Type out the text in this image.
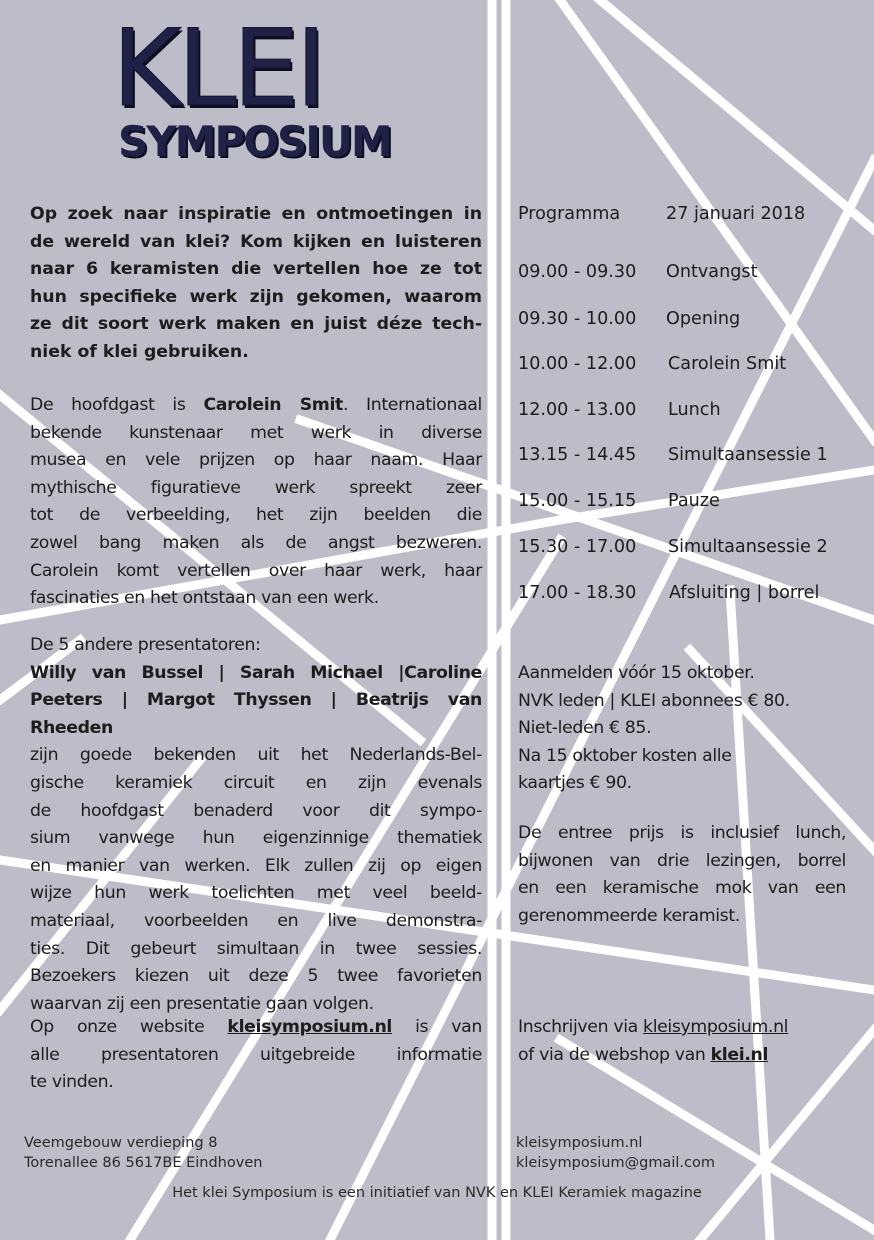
KLEI
SYMPOSIUM
Op zoek naar inspiratie en ontmoetingen in
de wereld van klei? Kom kijken en luisteren
naar 6 keramisten die vertellen hoe ze tot
hun specifieke werk zijn gekomen, waarom
ze dit soort werk maken en juist déze tech-
niek of klei gebruiken.
De hoofdgast is Carolein Smit. Internationaal
bekende kunstenaar met werk in diverse
musea en vele prijzen op haar naam. Haar
mythische figuratieve werk spreekt zeer
tot de verbeelding, het zijn beelden die
zowel bang maken als de angst bezweren.
Carolein komt vertellen over haar werk, haar
fascinaties en het ontstaan van een werk.
De 5 andere presentatoren:
Willy van Bussel | Sarah Michael |Caroline
Peeters | Margot Thyssen | Beatrijs van Rheeden
zijn goede bekenden uit het Nederlands-Bel-
gische keramiek circuit en zijn evenals
de hoofdgast benaderd voor dit sympo-
sium vanwege hun eigenzinnige thematiek
en manier van werken. Elk zullen zij op eigen
wijze hun werk toelichten met veel beeld-
materiaal, voorbeelden en live demonstra-
ties. Dit gebeurt simultaan in twee sessies.
Bezoekers kiezen uit deze 5 twee favorieten
waarvan zij een presentatie gaan volgen.
Op onze website kleisymposium.nl is van
alle presentatoren uitgebreide informatie
te vinden.
Programma	27 januari 2018
09.00 - 09.30 Ontvangst
09.30 - 10.00 Opening
10.00 - 12.00 Carolein Smit
12.00 - 13.00 Lunch
13.15 - 14.45 Simultaansessie 1
15.00 - 15.15 Pauze
15.30 - 17.00 Simultaansessie 2
17.00 - 18.30 Afsluiting | borrel
Aanmelden vóór 15 oktober.
NVK leden | KLEI abonnees € 80.
Niet-leden € 85.
Na 15 oktober kosten alle
kaartjes € 90.
De entree prijs is inclusief lunch,
bijwonen van drie lezingen, borrel
en een keramische mok van een
gerenommeerde keramist.
Inschrijven via kleisymposium.nl
of via de webshop van klei.nl
Veemgebouw verdieping 8
Torenallee 86 5617BE Eindhoven
kleisymposium.nl
kleisymposium@gmail.com
Het klei Symposium is een initiatief van NVK en KLEI Keramiek magazine
